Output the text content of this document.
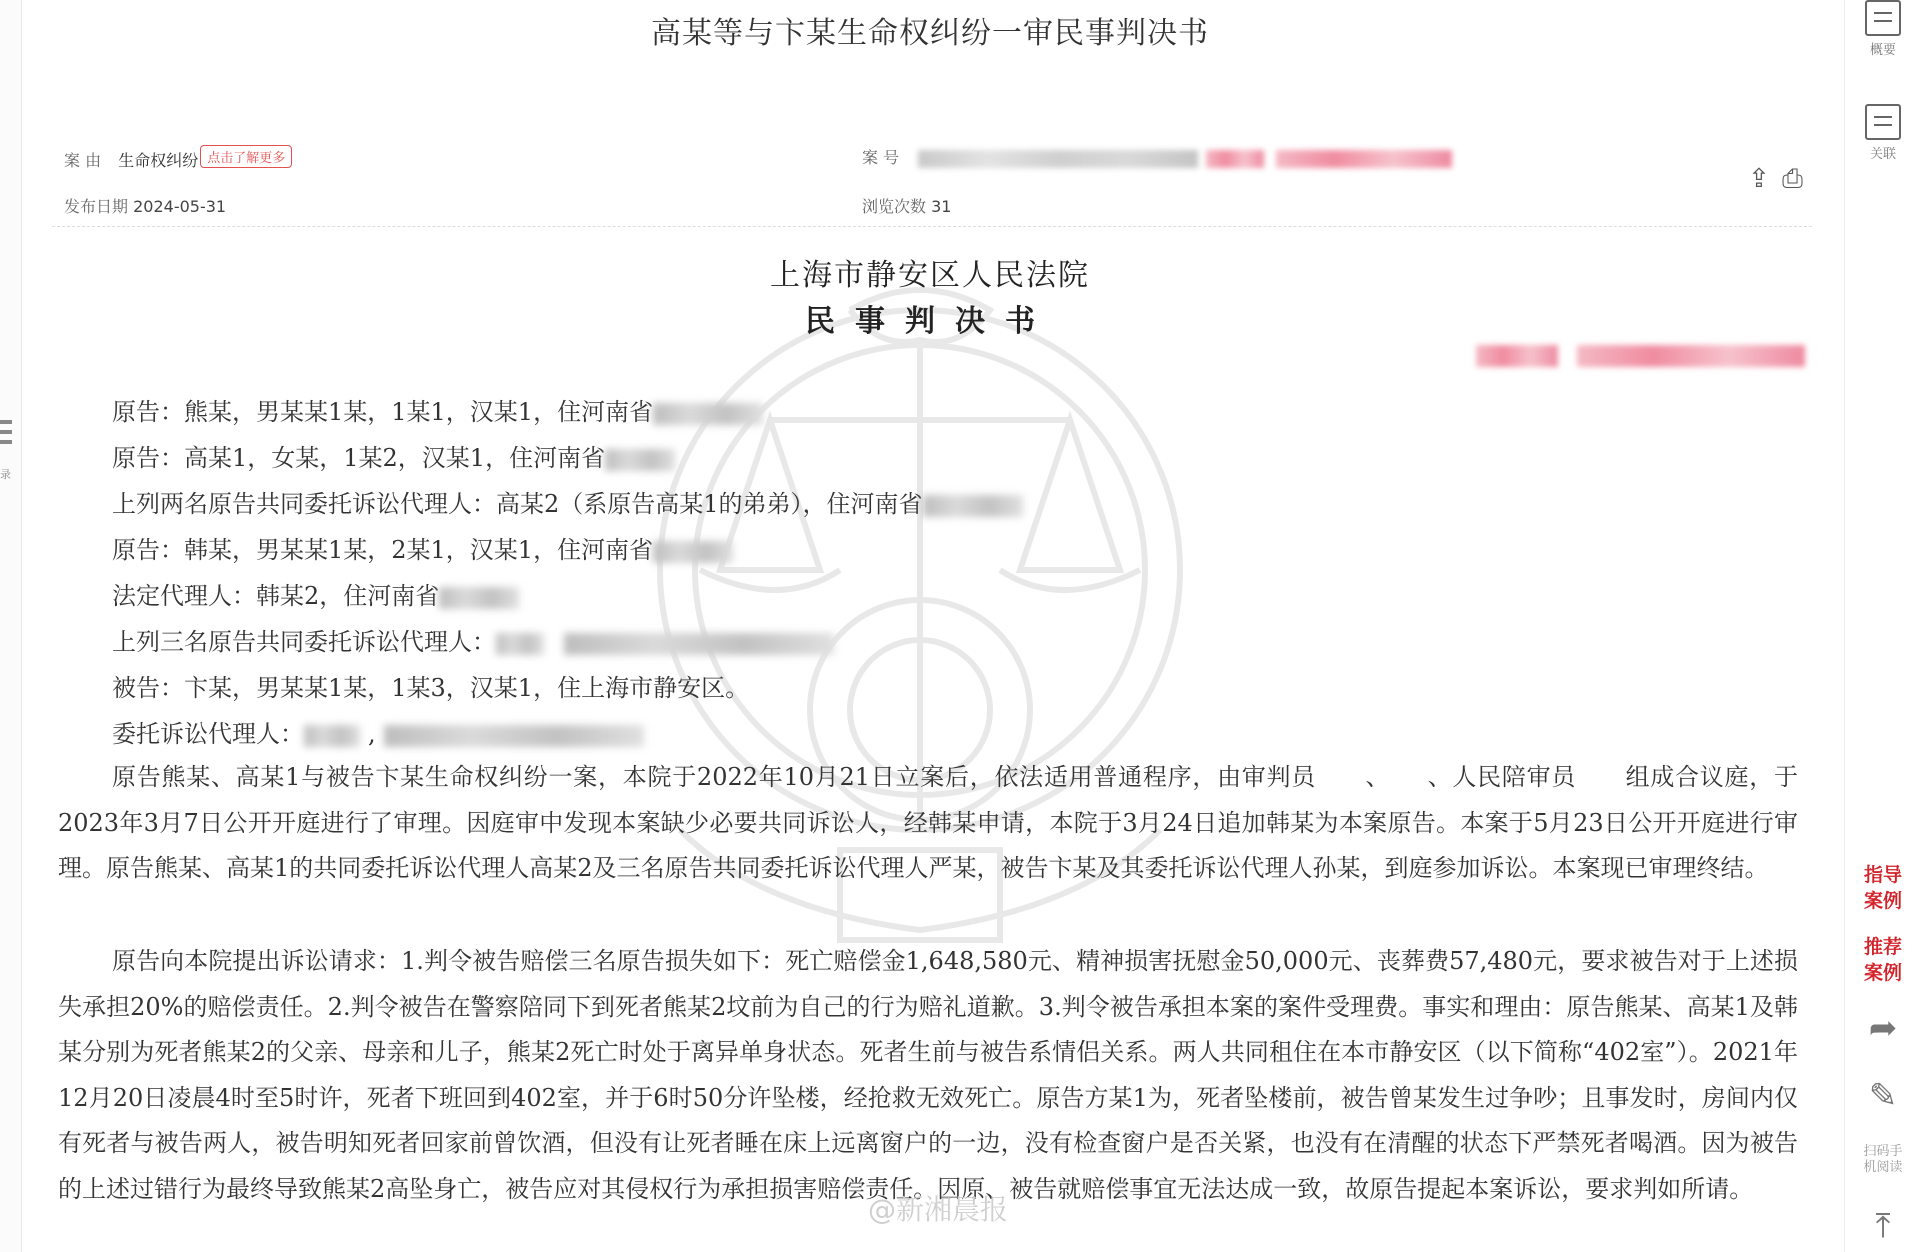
录
高某等与卞某生命权纠纷一审民事判决书
案 由 生命权纠纷 点击了解更多	案 号
发布日期 2024-05-31	浏览次数 31
⇪ ⎙
上海市静安区人民法院
民事判决书

原告：熊某，男某某1某，1某1，汉某1，住河南省
原告：高某1，女某，1某2，汉某1，住河南省
上列两名原告共同委托诉讼代理人：高某2（系原告高某1的弟弟），住河南省
原告：韩某，男某某1某，2某1，汉某1，住河南省
法定代理人：韩某2，住河南省
上列三名原告共同委托诉讼代理人：
被告：卞某，男某某1某，1某3，汉某1，住上海市静安区。
委托诉讼代理人：	,
原告熊某、高某1与被告卞某生命权纠纷一案，本院于2022年10月21日立案后，依法适用普通程序，由审判员　　、　　、人民陪审员　　组成合议庭，于2023年3月7日公开开庭进行了审理。因庭审中发现本案缺少必要共同诉讼人，经韩某申请，本院于3月24日追加韩某为本案原告。本案于5月23日公开开庭进行审理。原告熊某、高某1的共同委托诉讼代理人高某2及三名原告共同委托诉讼代理人严某，被告卞某及其委托诉讼代理人孙某，到庭参加诉讼。本案现已审理终结。
原告向本院提出诉讼请求：1.判令被告赔偿三名原告损失如下：死亡赔偿金1,648,580元、精神损害抚慰金50,000元、丧葬费57,480元，要求被告对于上述损失承担20%的赔偿责任。2.判令被告在警察陪同下到死者熊某2坟前为自己的行为赔礼道歉。3.判令被告承担本案的案件受理费。事实和理由：原告熊某、高某1及韩某分别为死者熊某2的父亲、母亲和儿子，熊某2死亡时处于离异单身状态。死者生前与被告系情侣关系。两人共同租住在本市静安区（以下简称“402室”）。2021年12月20日凌晨4时至5时许，死者下班回到402室，并于6时50分许坠楼，经抢救无效死亡。原告方某1为，死者坠楼前，被告曾某发生过争吵；且事发时，房间内仅有死者与被告两人，被告明知死者回家前曾饮酒，但没有让死者睡在床上远离窗户的一边，没有检查窗户是否关紧，也没有在清醒的状态下严禁死者喝酒。因为被告的上述过错行为最终导致熊某2高坠身亡，被告应对其侵权行为承担损害赔偿责任。因原、被告就赔偿事宜无法达成一致，故原告提起本案诉讼，要求判如所请。
@新湘晨报
概要
关联
指导案例
推荐案例
➦
✎
扫码手机阅读
⤒
